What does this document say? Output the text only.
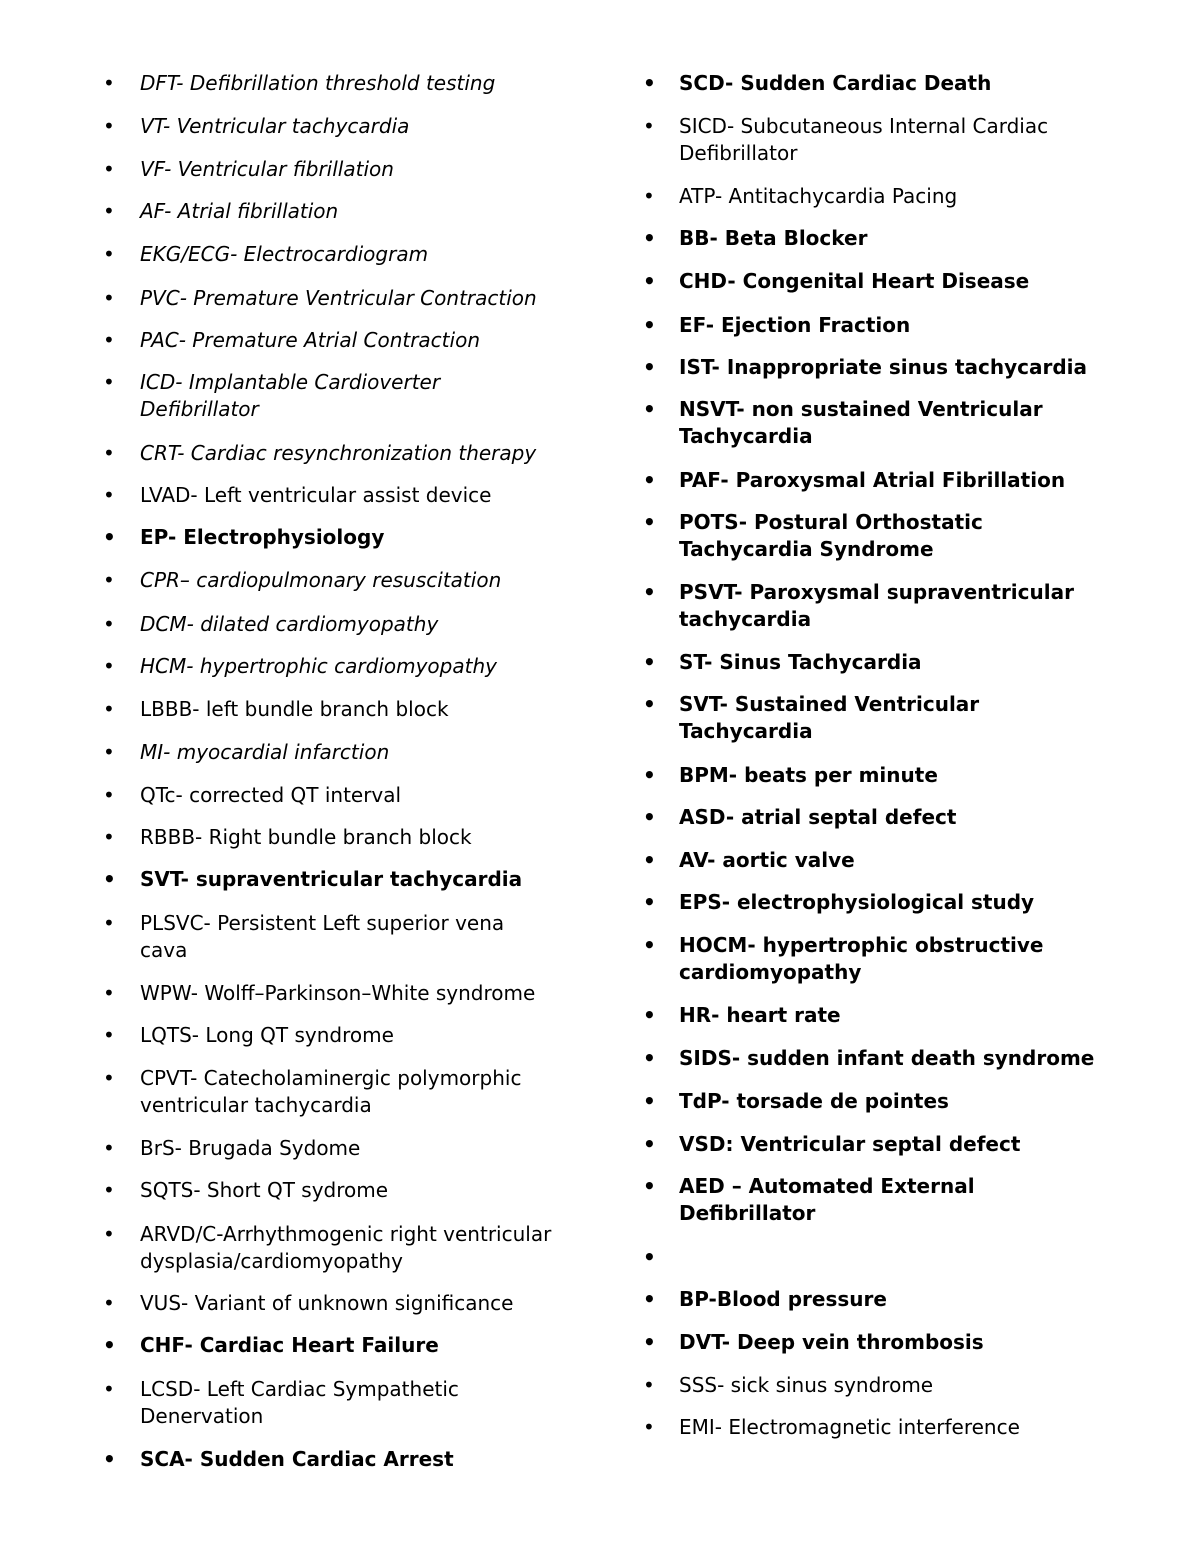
• DFT- Defibrillation threshold testing
• VT- Ventricular tachycardia
• VF- Ventricular fibrillation
• AF- Atrial fibrillation
• EKG/ECG- Electrocardiogram
• PVC- Premature Ventricular Contraction
• PAC- Premature Atrial Contraction
• ICD- Implantable Cardioverter
Defibrillator
• CRT- Cardiac resynchronization therapy
• LVAD- Left ventricular assist device
• EP- Electrophysiology
• CPR– cardiopulmonary resuscitation
• DCM- dilated cardiomyopathy
• HCM- hypertrophic cardiomyopathy
• LBBB- left bundle branch block
• MI- myocardial infarction
• QTc- corrected QT interval
• RBBB- Right bundle branch block
• SVT- supraventricular tachycardia
• PLSVC- Persistent Left superior vena
cava
• WPW- Wolff–Parkinson–White syndrome
• LQTS- Long QT syndrome
• CPVT- Catecholaminergic polymorphic
ventricular tachycardia
• BrS- Brugada Sydome
• SQTS- Short QT sydrome
• ARVD/C-Arrhythmogenic right ventricular
dysplasia/cardiomyopathy
• VUS- Variant of unknown significance
• CHF- Cardiac Heart Failure
• LCSD- Left Cardiac Sympathetic
Denervation
• SCA- Sudden Cardiac Arrest
• SCD- Sudden Cardiac Death
• SICD- Subcutaneous Internal Cardiac
Defibrillator
• ATP- Antitachycardia Pacing
• BB- Beta Blocker
• CHD- Congenital Heart Disease
• EF- Ejection Fraction
• IST- Inappropriate sinus tachycardia
• NSVT- non sustained Ventricular
Tachycardia
• PAF- Paroxysmal Atrial Fibrillation
• POTS- Postural Orthostatic
Tachycardia Syndrome
• PSVT- Paroxysmal supraventricular
tachycardia
• ST- Sinus Tachycardia
• SVT- Sustained Ventricular
Tachycardia
• BPM- beats per minute
• ASD- atrial septal defect
• AV- aortic valve
• EPS- electrophysiological study
• HOCM- hypertrophic obstructive
cardiomyopathy
• HR- heart rate
• SIDS- sudden infant death syndrome
• TdP- torsade de pointes
• VSD: Ventricular septal defect
• AED – Automated External
Defibrillator
•
• BP-Blood pressure
• DVT- Deep vein thrombosis
• SSS- sick sinus syndrome
• EMI- Electromagnetic interference
